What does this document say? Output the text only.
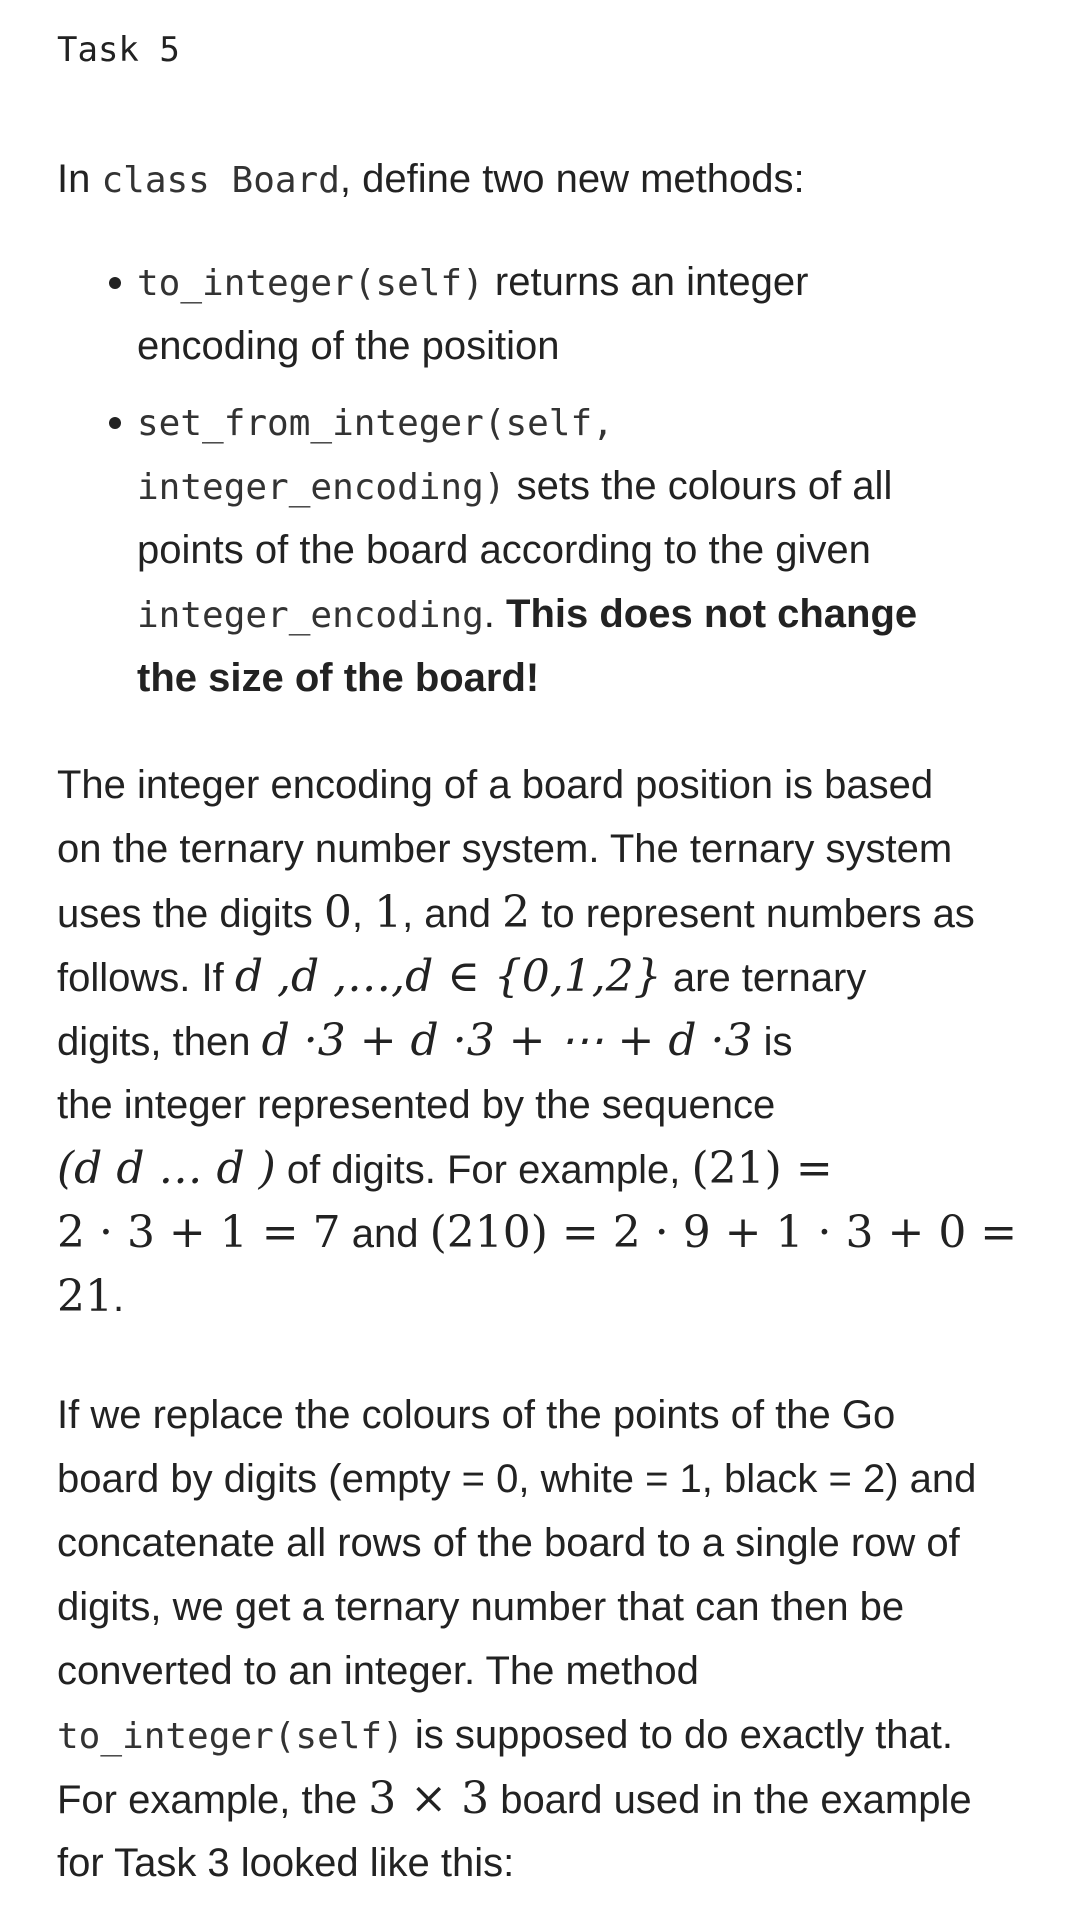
Task 5

In class Board, define two new methods:

to_integer(self) returns an integer
encoding of the position
set_from_integer(self,
integer_encoding) sets the colours of all
points of the board according to the given
integer_encoding. This does not change
the size of the board!
The integer encoding of a board position is based
on the ternary number system. The ternary system
uses the digits 0, 1, and 2 to represent numbers as
follows. If d ,d ,…,d ∈ {0,1,2} are ternary
digits, then d ·3 + d ·3 + ⋯ + d ·3 is
the integer represented by the sequence
(d d … d ) of digits. For example, (21) =
2 · 3 + 1 = 7 and (210) = 2 · 9 + 1 · 3 + 0 =
21.
If we replace the colours of the points of the Go
board by digits (empty = 0, white = 1, black = 2) and
concatenate all rows of the board to a single row of
digits, we get a ternary number that can then be
converted to an integer. The method
to_integer(self) is supposed to do exactly that.
For example, the 3 × 3 board used in the example
for Task 3 looked like this:
